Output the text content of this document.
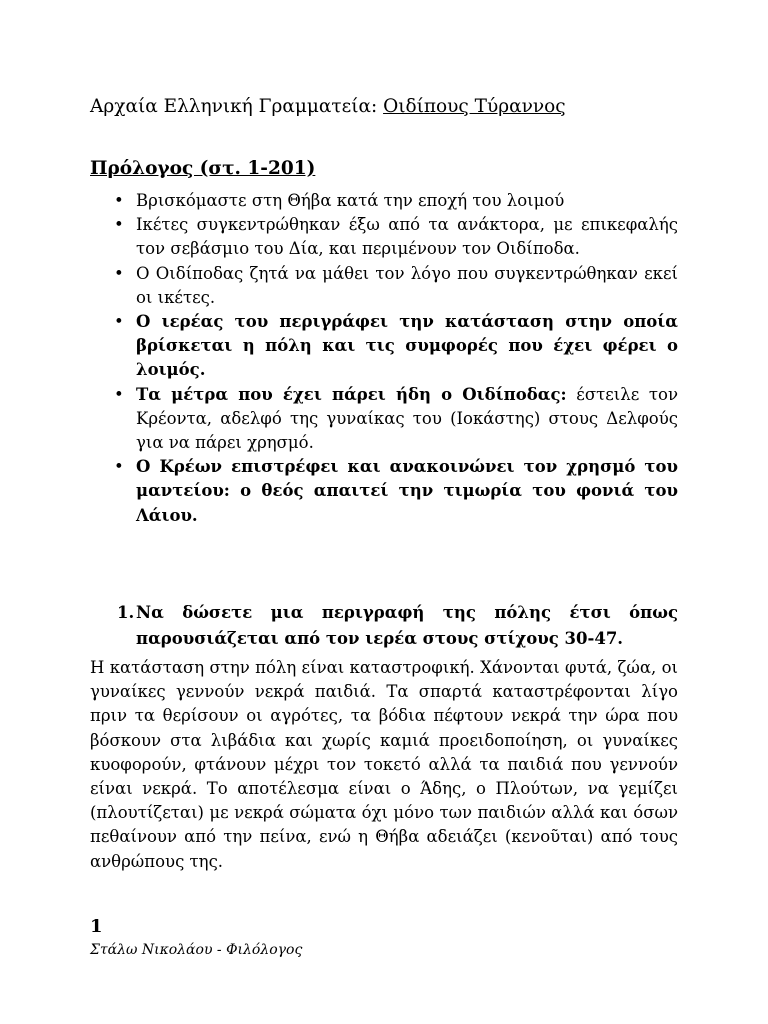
Αρχαία Ελληνική Γραμματεία: Οιδίπους Τύραννος
Πρόλογος (στ. 1-201)
• Βρισκόμαστε στη Θήβα κατά την εποχή του λοιμού
• Ικέτες συγκεντρώθηκαν έξω από τα ανάκτορα, με επικεφαλής τον σεβάσμιο του Δία, και περιμένουν τον Οιδίποδα.
• Ο Οιδίποδας ζητά να μάθει τον λόγο που συγκεντρώθηκαν εκεί οι ικέτες.
• Ο ιερέας του περιγράφει την κατάσταση στην οποία βρίσκεται η πόλη και τις συμφορές που έχει φέρει ο λοιμός.
• Τα μέτρα που έχει πάρει ήδη ο Οιδίποδας: έστειλε τον Κρέοντα, αδελφό της γυναίκας του (Ιοκάστης) στους Δελφούς για να πάρει χρησμό.
• Ο Κρέων επιστρέφει και ανακοινώνει τον χρησμό του μαντείου: ο θεός απαιτεί την τιμωρία του φονιά του Λάιου.
1. Να δώσετε μια περιγραφή της πόλης έτσι όπως παρουσιάζεται από τον ιερέα στους στίχους 30-47.
Η κατάσταση στην πόλη είναι καταστροφική. Χάνονται φυτά, ζώα, οι γυναίκες γεννούν νεκρά παιδιά. Τα σπαρτά καταστρέφονται λίγο πριν τα θερίσουν οι αγρότες, τα βόδια πέφτουν νεκρά την ώρα που βόσκουν στα λιβάδια και χωρίς καμιά προειδοποίηση, οι γυναίκες κυοφορούν, φτάνουν μέχρι τον τοκετό αλλά τα παιδιά που γεννούν είναι νεκρά. Το αποτέλεσμα είναι ο Άδης, ο Πλούτων, να γεμίζει (πλουτίζεται) με νεκρά σώματα όχι μόνο των παιδιών αλλά και όσων πεθαίνουν από την πείνα, ενώ η Θήβα αδειάζει (κενοῦται) από τους ανθρώπους της.
1
Στάλω Νικολάου - Φιλόλογος
